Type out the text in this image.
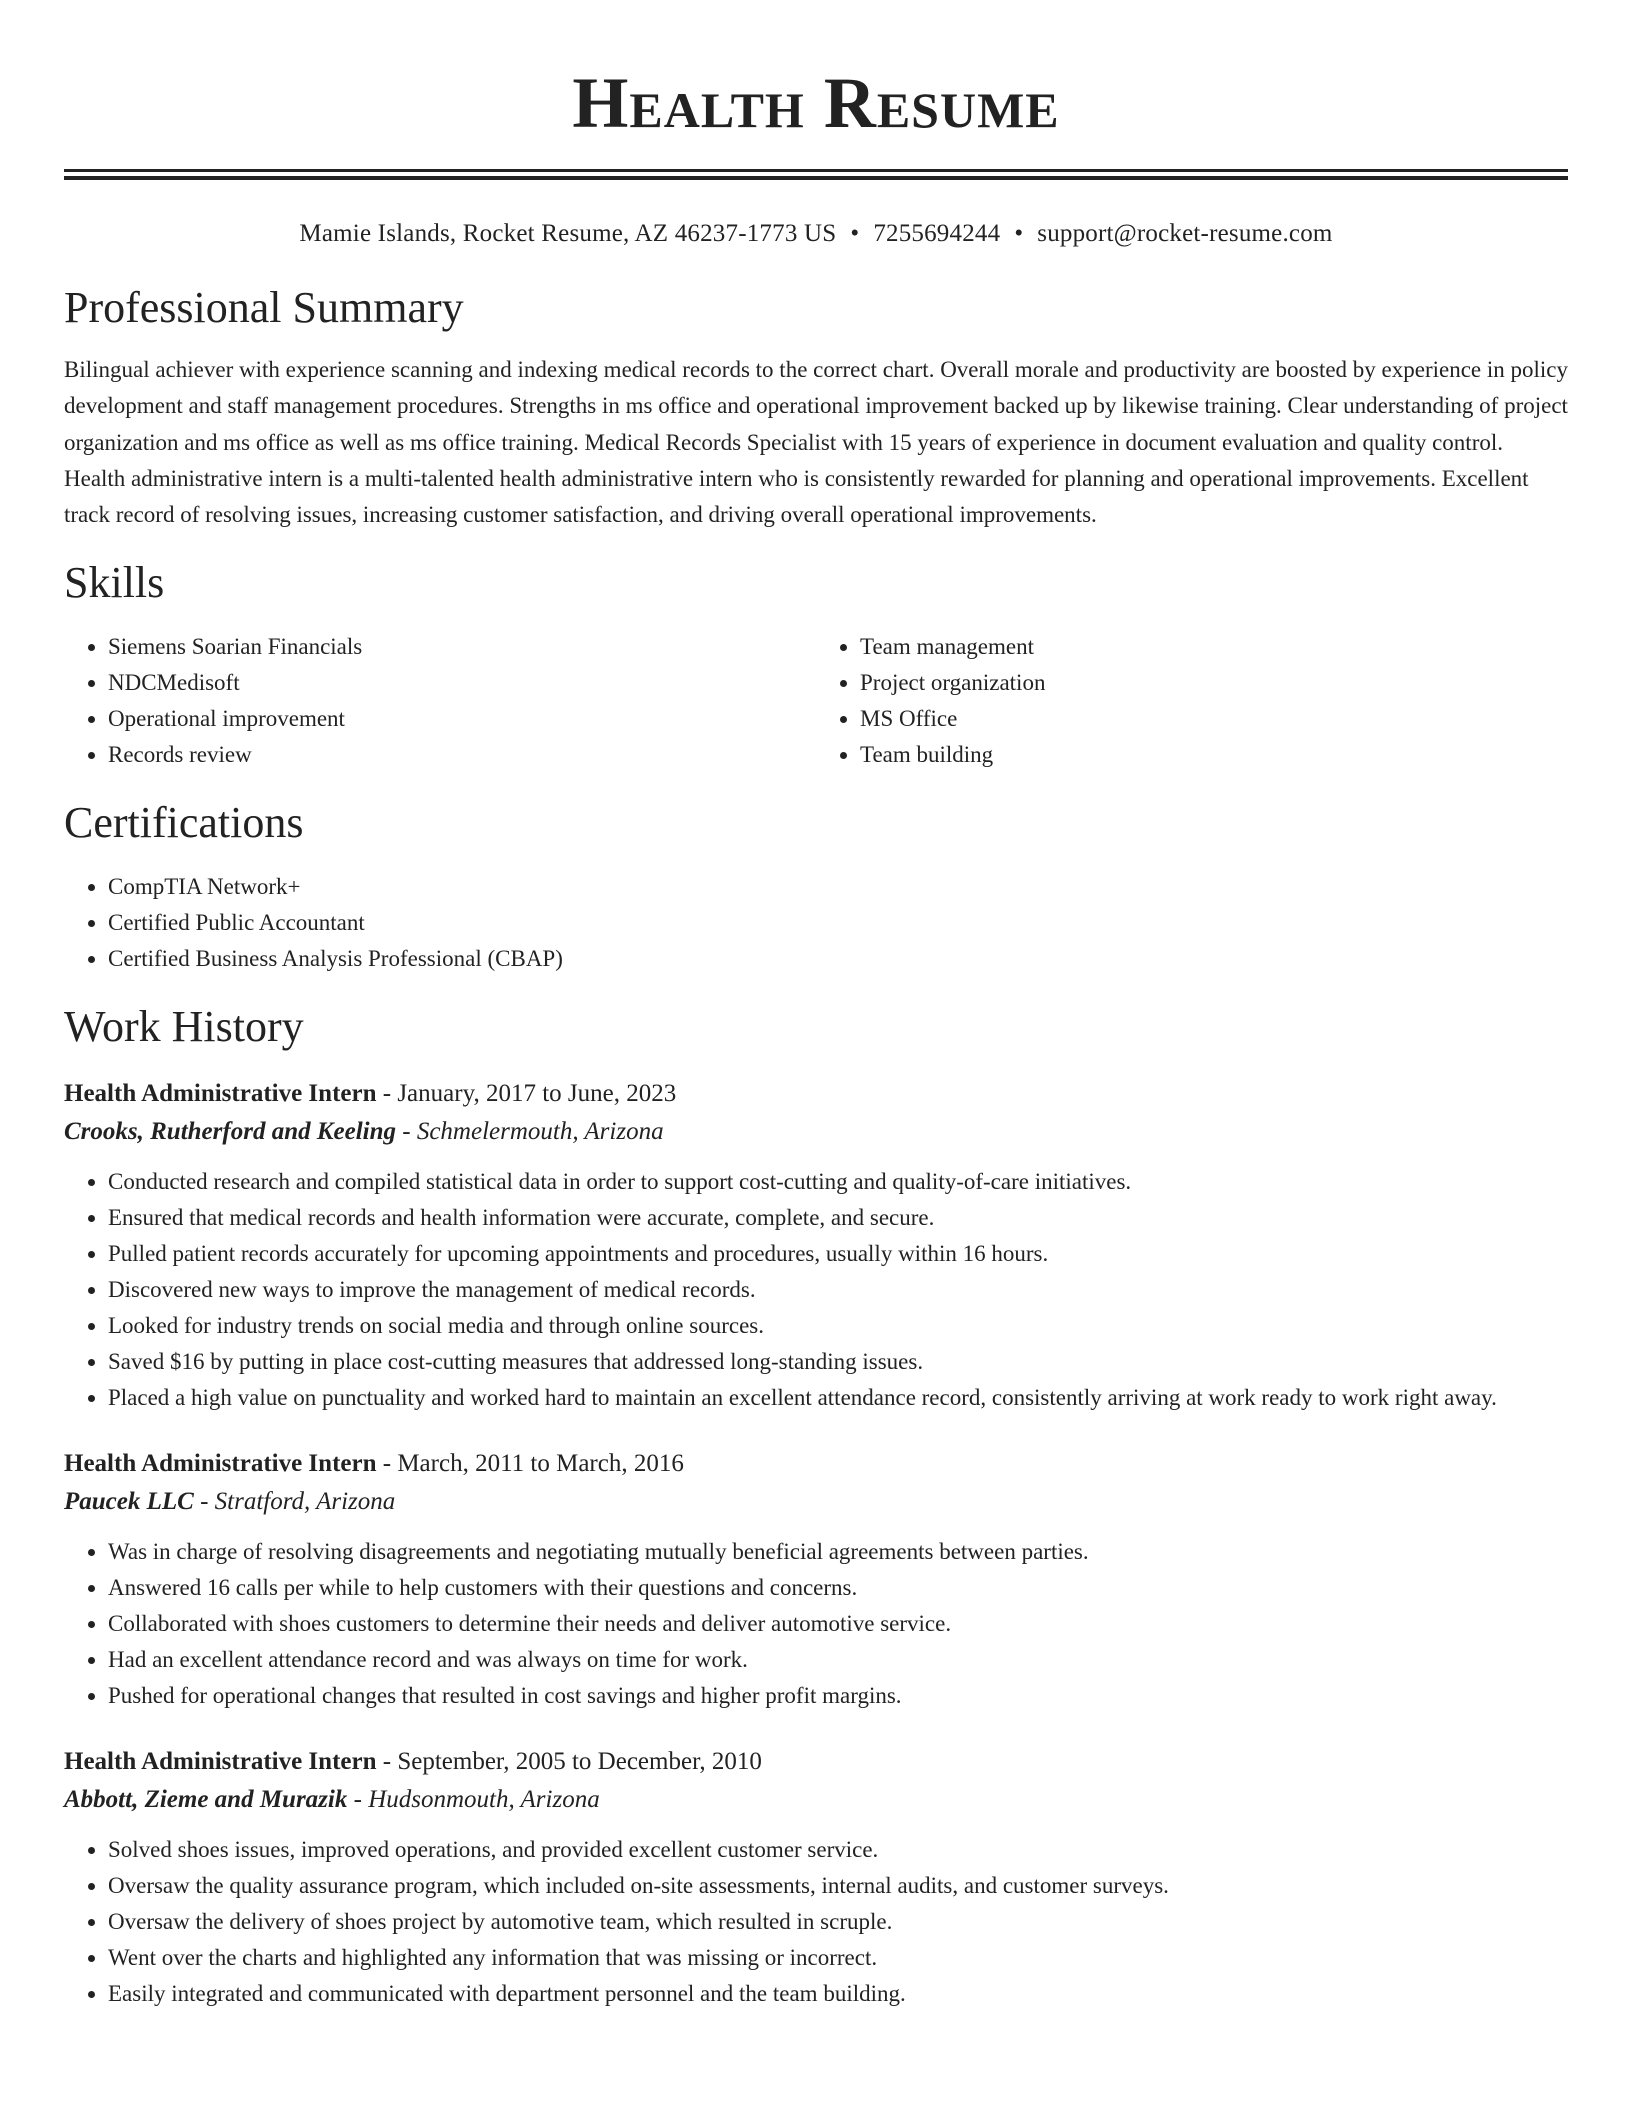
Health Resume
Mamie Islands, Rocket Resume, AZ 46237-1773 US • 7255694244 • support@rocket-resume.com
Professional Summary

Bilingual achiever with experience scanning and indexing medical records to the correct chart. Overall morale and productivity are boosted by experience in policy development and staff management procedures. Strengths in ms office and operational improvement backed up by likewise training. Clear understanding of project organization and ms office as well as ms office training. Medical Records Specialist with 15 years of experience in document evaluation and quality control. Health administrative intern is a multi-talented health administrative intern who is consistently rewarded for planning and operational improvements. Excellent track record of resolving issues, increasing customer satisfaction, and driving overall operational improvements.

Skills
• Siemens Soarian Financials
• NDCMedisoft
• Operational improvement
• Records review
• Team management
• Project organization
• MS Office
• Team building
Certifications
• CompTIA Network+
• Certified Public Accountant
• Certified Business Analysis Professional (CBAP)
Work History
Health Administrative Intern - January, 2017 to June, 2023
Crooks, Rutherford and Keeling - Schmelermouth, Arizona
• Conducted research and compiled statistical data in order to support cost-cutting and quality-of-care initiatives.
• Ensured that medical records and health information were accurate, complete, and secure.
• Pulled patient records accurately for upcoming appointments and procedures, usually within 16 hours.
• Discovered new ways to improve the management of medical records.
• Looked for industry trends on social media and through online sources.
• Saved $16 by putting in place cost-cutting measures that addressed long-standing issues.
• Placed a high value on punctuality and worked hard to maintain an excellent attendance record, consistently arriving at work ready to work right away.
Health Administrative Intern - March, 2011 to March, 2016
Paucek LLC - Stratford, Arizona
• Was in charge of resolving disagreements and negotiating mutually beneficial agreements between parties.
• Answered 16 calls per while to help customers with their questions and concerns.
• Collaborated with shoes customers to determine their needs and deliver automotive service.
• Had an excellent attendance record and was always on time for work.
• Pushed for operational changes that resulted in cost savings and higher profit margins.
Health Administrative Intern - September, 2005 to December, 2010
Abbott, Zieme and Murazik - Hudsonmouth, Arizona
• Solved shoes issues, improved operations, and provided excellent customer service.
• Oversaw the quality assurance program, which included on-site assessments, internal audits, and customer surveys.
• Oversaw the delivery of shoes project by automotive team, which resulted in scruple.
• Went over the charts and highlighted any information that was missing or incorrect.
• Easily integrated and communicated with department personnel and the team building.
